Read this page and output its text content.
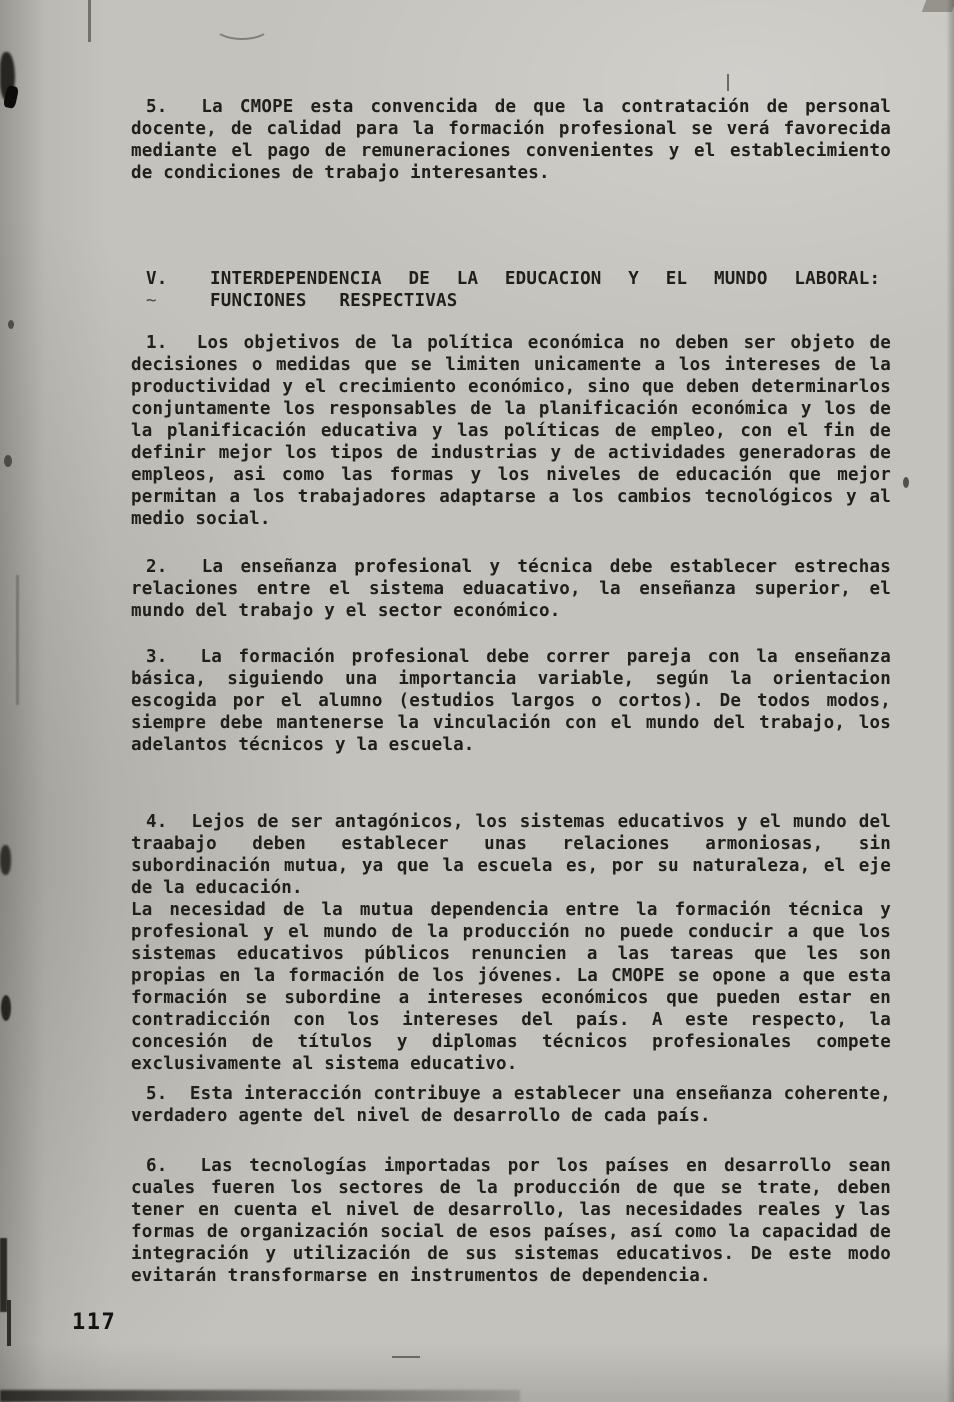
5.  La CMOPE esta convencida de que la contratación de personal docente, de calidad para la formación profesional se verá favorecida mediante el pago de remuneraciones convenientes y el establecimiento de condiciones de trabajo interesantes.

V. INTERDEPENDENCIA DE LA EDUCACION Y EL MUNDO LABORAL:
~	FUNCIONES RESPECTIVAS

1.  Los objetivos de la política económica no deben ser objeto de decisiones o medidas que se limiten unicamente a los intereses de la productividad y el crecimiento económico, sino que deben determinarlos conjuntamente los responsables de la planificación económica y los de la planificación educativa y las políticas de empleo, con el fin de definir mejor los tipos de industrias y de actividades generadoras de empleos, asi como las formas y los niveles de educación que mejor permitan a los trabajadores adaptarse a los cambios tecnológicos y al medio social.

2.  La enseñanza profesional y técnica debe establecer estrechas relaciones entre el sistema eduacativo, la enseñanza superior, el mundo del trabajo y el sector económico.

3.  La formación profesional debe correr pareja con la enseñanza básica, siguiendo una importancia variable, según la orientacion escogida por el alumno (estudios largos o cortos). De todos modos, siempre debe mantenerse la vinculación con el mundo del trabajo, los adelantos técnicos y la escuela.

4.  Lejos de ser antagónicos, los sistemas educativos y el mundo del traabajo deben establecer unas relaciones armoniosas, sin subordinación mutua, ya que la escuela es, por su naturaleza, el eje de la educación.

La necesidad de la mutua dependencia entre la formación técnica y profesional y el mundo de la producción no puede conducir a que los sistemas educativos públicos renuncien a las tareas que les son propias en la formación de los jóvenes. La CMOPE se opone a que esta formación se subordine a intereses económicos que pueden estar en contradicción con los intereses del país. A este respecto, la concesión de títulos y diplomas técnicos profesionales compete exclusivamente al sistema educativo.

5.  Esta interacción contribuye a establecer una enseñanza coherente, verdadero agente del nivel de desarrollo de cada país.

6.  Las tecnologías importadas por los países en desarrollo sean cuales fueren los sectores de la producción de que se trate, deben tener en cuenta el nivel de desarrollo, las necesidades reales y las formas de organización social de esos países, así como la capacidad de integración y utilización de sus sistemas educativos. De este modo evitarán transformarse en instrumentos de dependencia.

117
